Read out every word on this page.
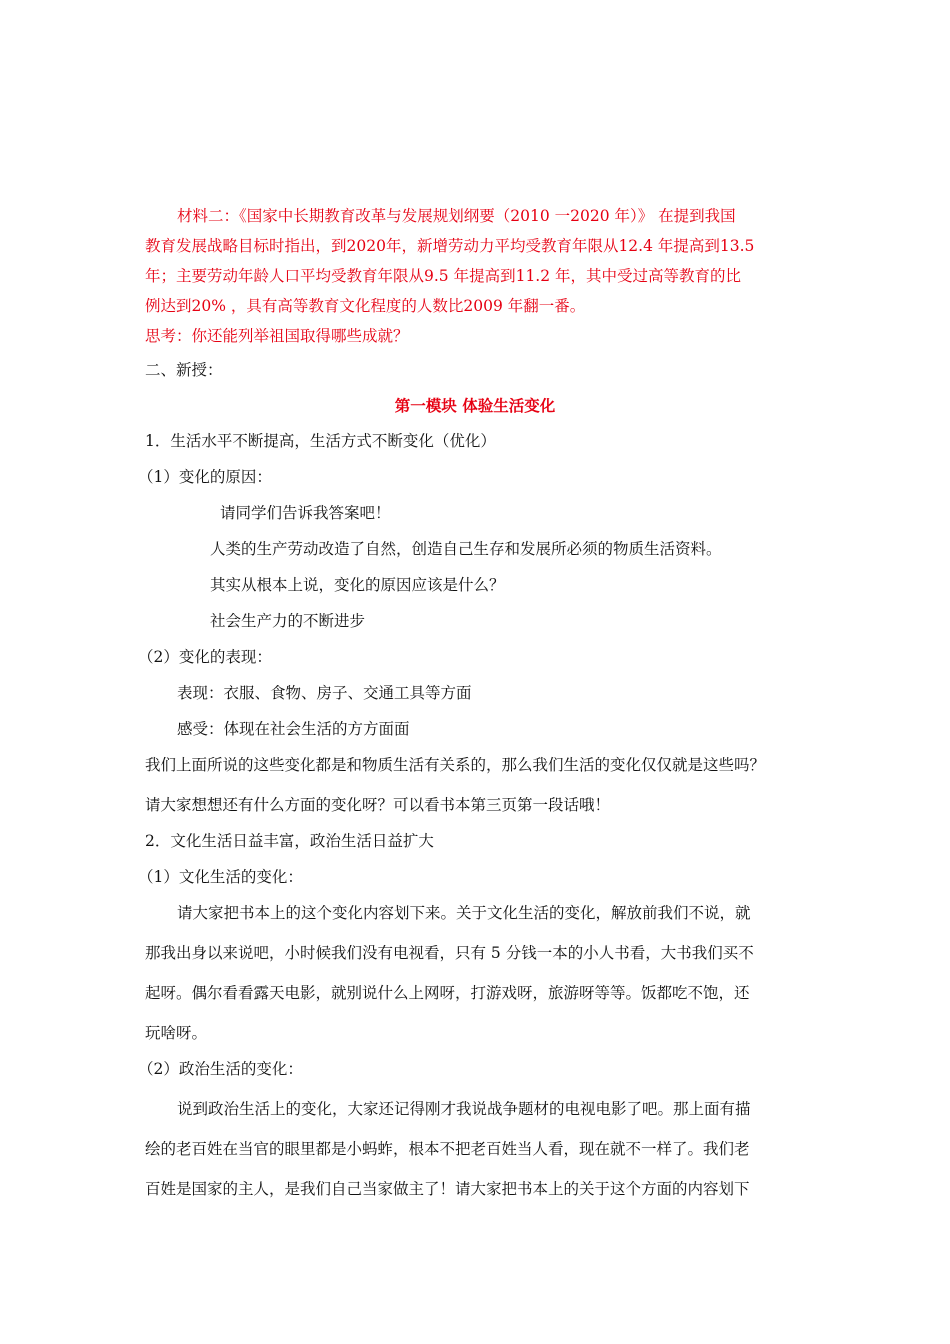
材料二：《国家中长期教育改革与发展规划纲要（2010 一2020 年）》 在提到我国
教育发展战略目标时指出，到2020年，新增劳动力平均受教育年限从12.4 年提高到13.5
年；主要劳动年龄人口平均受教育年限从9.5 年提高到11.2 年，其中受过高等教育的比
例达到20% ，具有高等教育文化程度的人数比2009 年翻一番。
思考：你还能列举祖国取得哪些成就？
二、新授：
第一模块 体验生活变化
1．生活水平不断提高，生活方式不断变化（优化）
（1）变化的原因：
请同学们告诉我答案吧！
人类的生产劳动改造了自然，创造自己生存和发展所必须的物质生活资料。
其实从根本上说，变化的原因应该是什么？
社会生产力的不断进步
（2）变化的表现：
表现：衣服、食物、房子、交通工具等方面
感受：体现在社会生活的方方面面
我们上面所说的这些变化都是和物质生活有关系的，那么我们生活的变化仅仅就是这些吗？
请大家想想还有什么方面的变化呀？可以看书本第三页第一段话哦！
2．文化生活日益丰富，政治生活日益扩大
（1）文化生活的变化：
请大家把书本上的这个变化内容划下来。关于文化生活的变化，解放前我们不说，就
那我出身以来说吧，小时候我们没有电视看，只有 5 分钱一本的小人书看，大书我们买不
起呀。偶尔看看露天电影，就别说什么上网呀，打游戏呀，旅游呀等等。饭都吃不饱，还
玩啥呀。
（2）政治生活的变化：
说到政治生活上的变化，大家还记得刚才我说战争题材的电视电影了吧。那上面有描
绘的老百姓在当官的眼里都是小蚂蚱，根本不把老百姓当人看，现在就不一样了。我们老
百姓是国家的主人，是我们自己当家做主了！请大家把书本上的关于这个方面的内容划下
